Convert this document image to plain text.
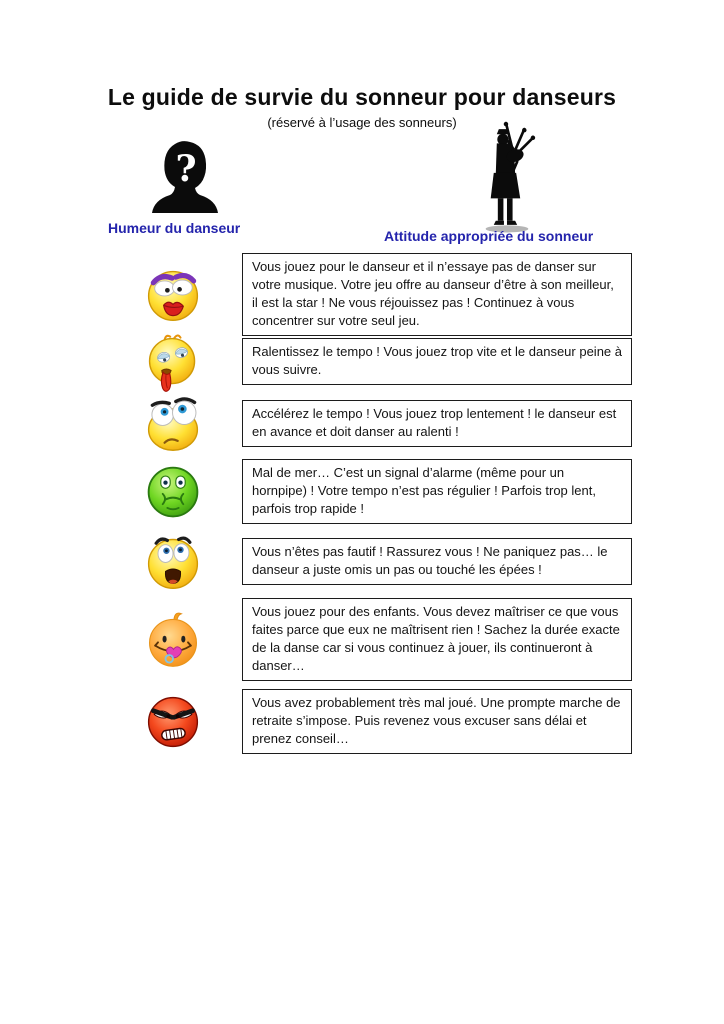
Le guide de survie du sonneur pour danseurs
(réservé à l’usage des sonneurs)
?
Humeur du danseur	Attitude appropriée du sonneur
Vous jouez pour le danseur et il n’essaye pas de danser sur votre musique. Votre jeu offre au danseur d’être à son meilleur, il est la star ! Ne vous réjouissez pas ! Continuez à vous concentrer sur votre seul jeu.
Ralentissez le tempo ! Vous jouez trop vite et le danseur peine à vous suivre.
Accélérez le tempo ! Vous jouez trop lentement ! le danseur est en avance et doit danser au ralenti !
Mal de mer… C’est un signal d’alarme (même pour un hornpipe) ! Votre tempo n’est pas régulier ! Parfois trop lent, parfois trop rapide !
Vous n’êtes pas fautif ! Rassurez vous ! Ne paniquez pas… le danseur a juste omis un pas ou touché les épées !
Vous jouez pour des enfants. Vous devez maîtriser ce que vous faites parce que eux ne maîtrisent rien ! Sachez la durée exacte de la danse car si vous continuez à jouer, ils continueront à danser…
Vous avez probablement très mal joué. Une prompte marche de retraite s’impose. Puis revenez vous excuser sans délai et prenez conseil…
